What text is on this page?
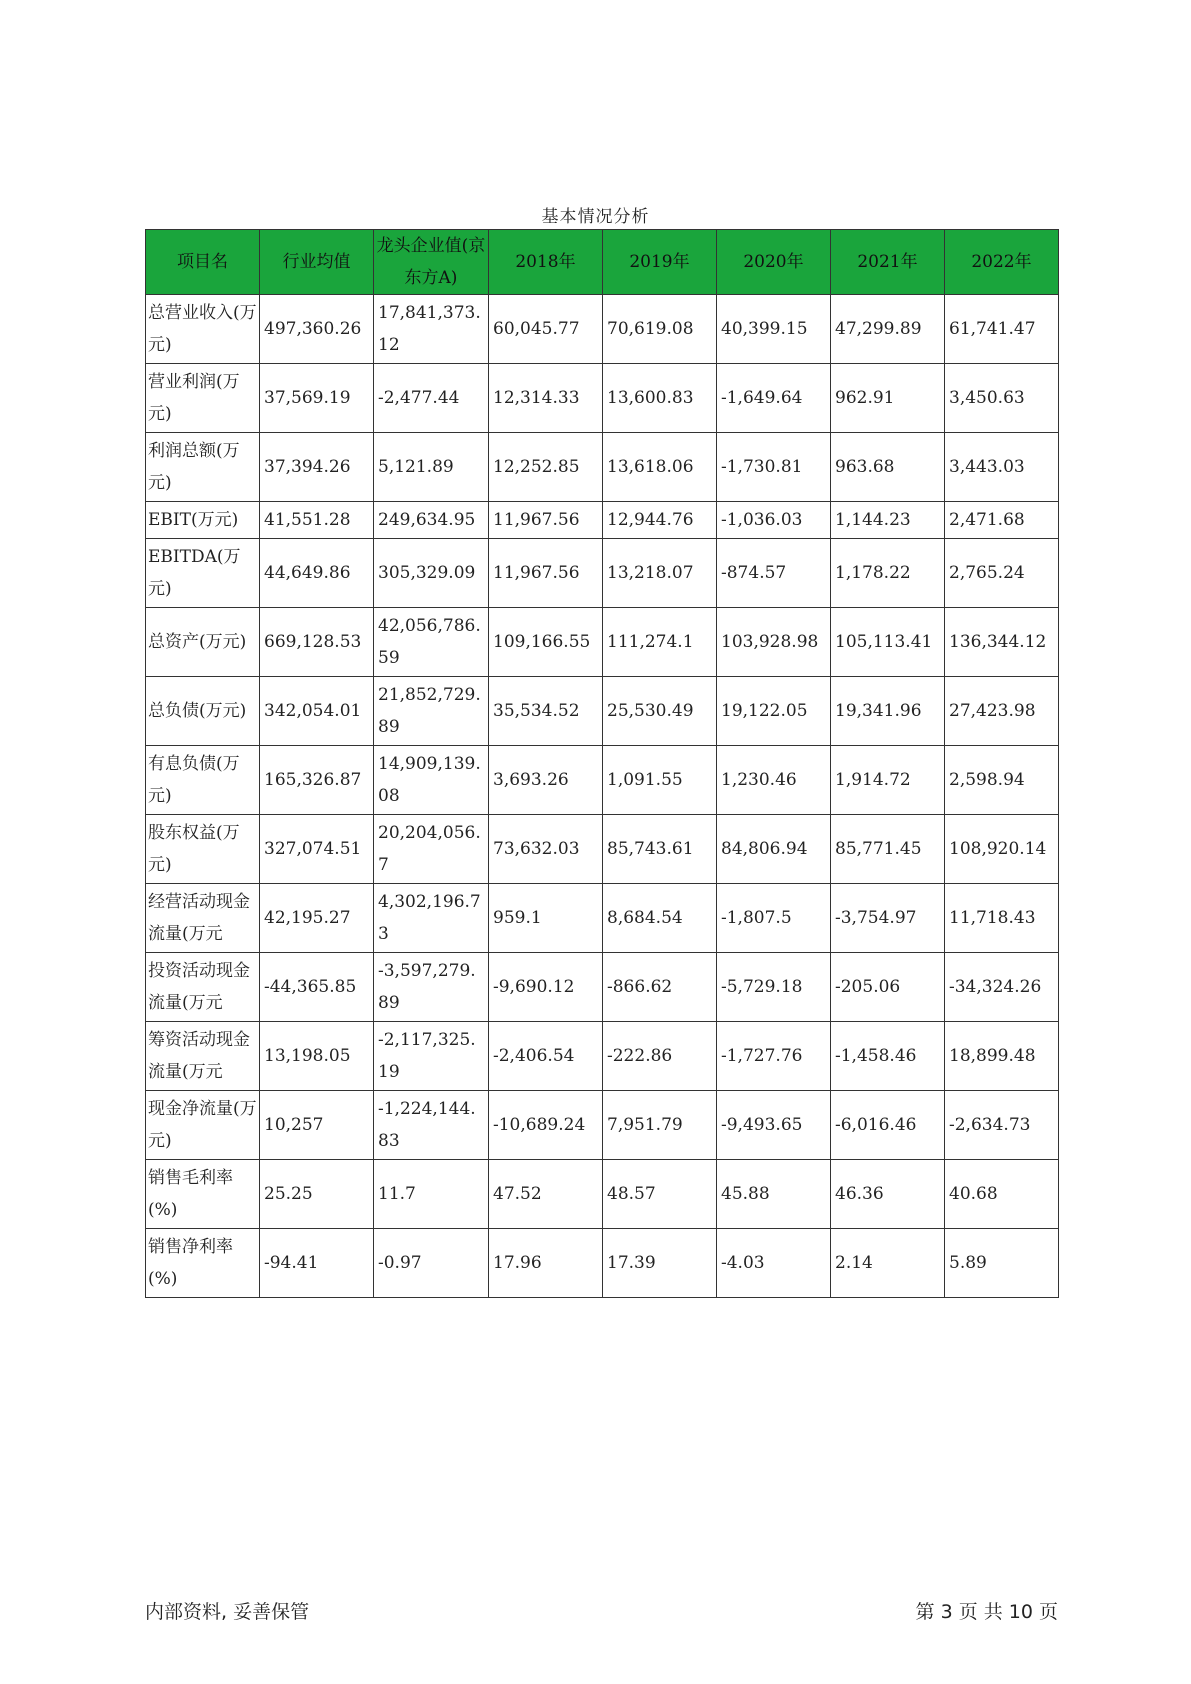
基本情况分析
项目名	行业均值	龙头企业值(京东方A)	2018年	2019年	2020年	2021年	2022年
总营业收入(万元)	497,360.26	17,841,373.12	60,045.77	70,619.08	40,399.15	47,299.89	61,741.47
营业利润(万元)	37,569.19	-2,477.44	12,314.33	13,600.83	-1,649.64	962.91	3,450.63
利润总额(万元)	37,394.26	5,121.89	12,252.85	13,618.06	-1,730.81	963.68	3,443.03
EBIT(万元)	41,551.28	249,634.95	11,967.56	12,944.76	-1,036.03	1,144.23	2,471.68
EBITDA(万元)	44,649.86	305,329.09	11,967.56	13,218.07	-874.57	1,178.22	2,765.24
总资产(万元)	669,128.53	42,056,786.59	109,166.55	111,274.1	103,928.98	105,113.41	136,344.12
总负债(万元)	342,054.01	21,852,729.89	35,534.52	25,530.49	19,122.05	19,341.96	27,423.98
有息负债(万元)	165,326.87	14,909,139.08	3,693.26	1,091.55	1,230.46	1,914.72	2,598.94
股东权益(万元)	327,074.51	20,204,056.7	73,632.03	85,743.61	84,806.94	85,771.45	108,920.14
经营活动现金流量(万元	42,195.27	4,302,196.73	959.1	8,684.54	-1,807.5	-3,754.97	11,718.43
投资活动现金流量(万元	-44,365.85	-3,597,279.89	-9,690.12	-866.62	-5,729.18	-205.06	-34,324.26
筹资活动现金流量(万元	13,198.05	-2,117,325.19	-2,406.54	-222.86	-1,727.76	-1,458.46	18,899.48
现金净流量(万元)	10,257	-1,224,144.83	-10,689.24	7,951.79	-9,493.65	-6,016.46	-2,634.73
销售毛利率(%)	25.25	11.7	47.52	48.57	45.88	46.36	40.68
销售净利率(%)	-94.41	-0.97	17.96	17.39	-4.03	2.14	5.89
内部资料, 妥善保管	第 3 页 共 10 页
